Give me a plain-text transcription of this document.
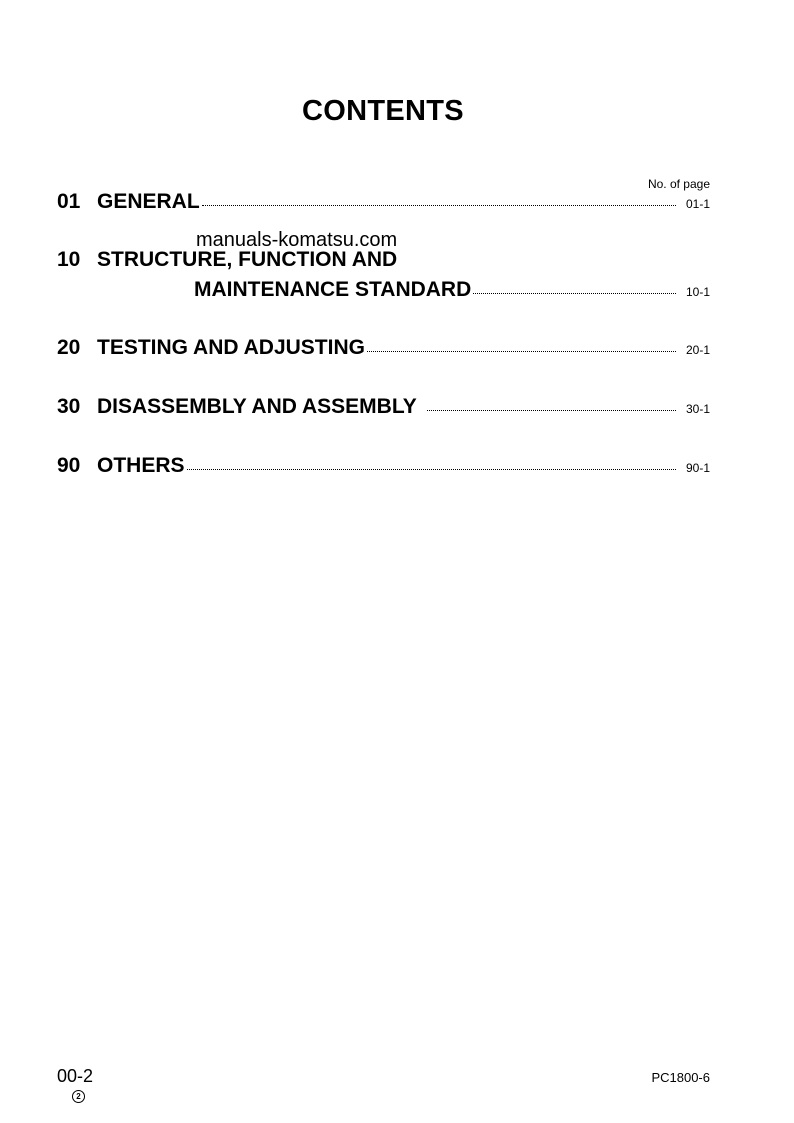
CONTENTS
No. of page
01 GENERAL	01-1
manuals-komatsu.com
10 STRUCTURE, FUNCTION AND
MAINTENANCE STANDARD	10-1
20 TESTING AND ADJUSTING	20-1
30 DISASSEMBLY AND ASSEMBLY	30-1
90 OTHERS	90-1
00-2
2
PC1800-6
